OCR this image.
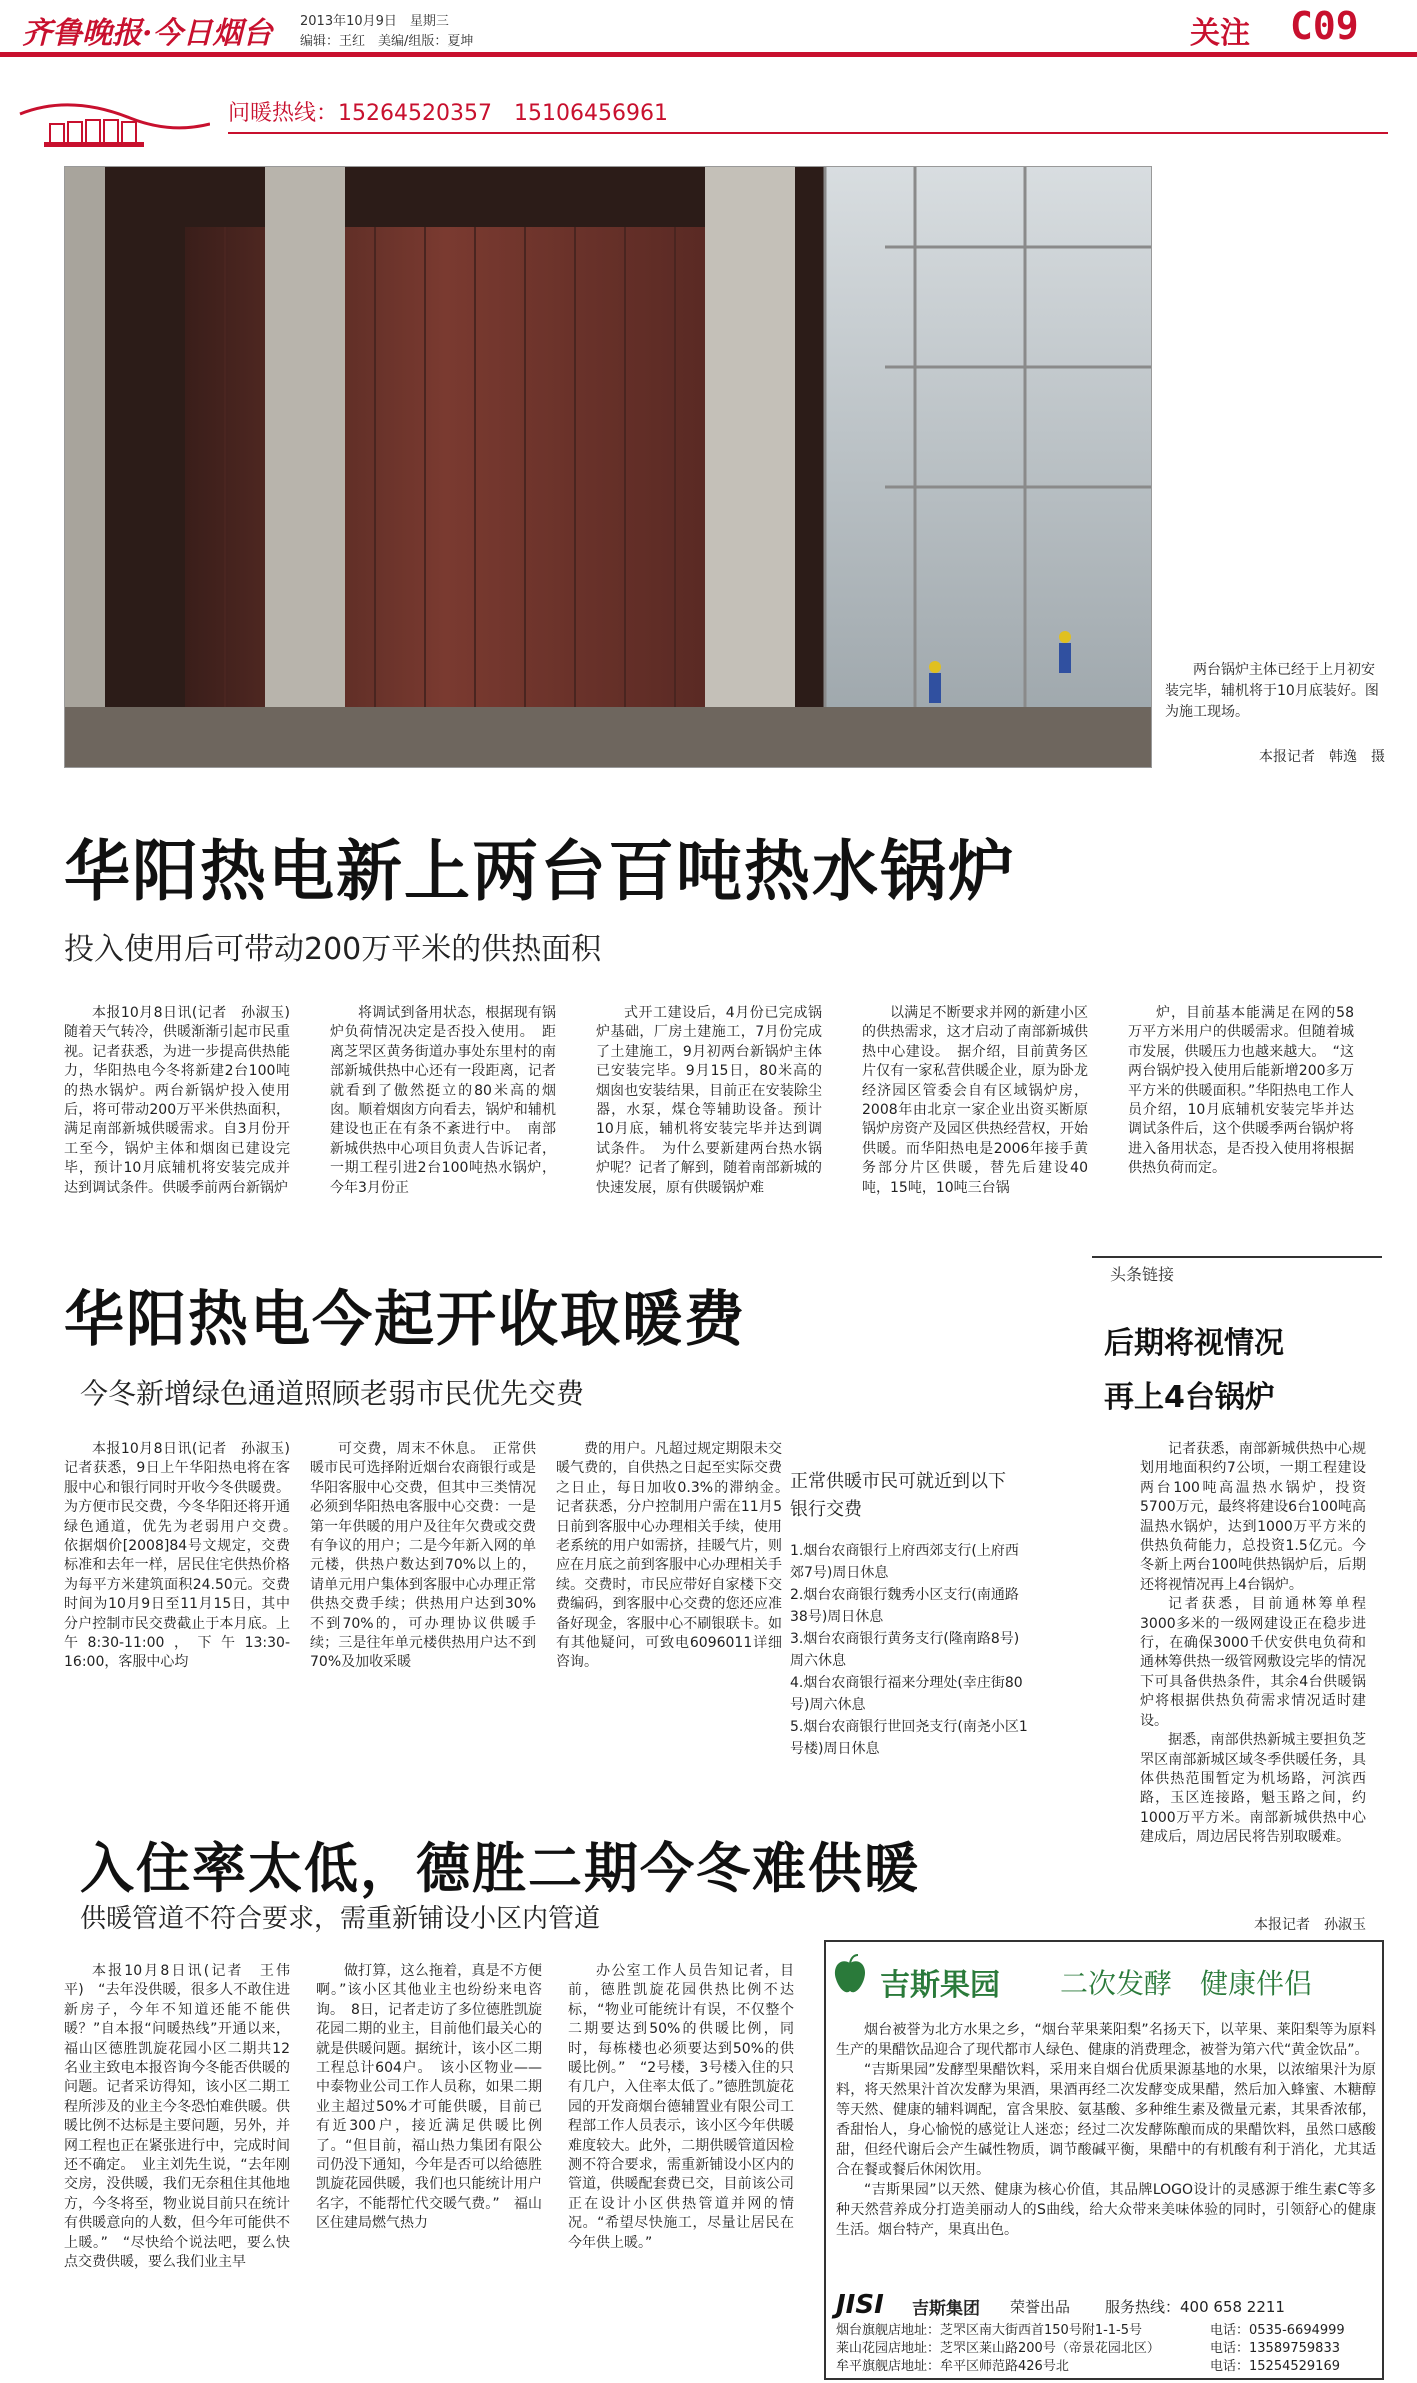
齐鲁晚报·今日烟台 2013年10月9日　星期三
编辑：王红　美编/组版：夏坤	关注 C09
问暖热线：15264520357　15106456961
两台锅炉主体已经于上月初安装完毕，辅机将于10月底装好。图为施工现场。
本报记者　韩逸　摄
华阳热电新上两台百吨热水锅炉
投入使用后可带动200万平米的供热面积

本报10月8日讯(记者　孙淑玉)　随着天气转冷，供暖渐渐引起市民重视。记者获悉，为进一步提高供热能力，华阳热电今冬将新建2台100吨的热水锅炉。两台新锅炉投入使用后，将可带动200万平米供热面积，满足南部新城供暖需求。自3月份开工至今，锅炉主体和烟囱已建设完毕，预计10月底辅机将安装完成并达到调试条件。供暖季前两台新锅炉

将调试到备用状态，根据现有锅炉负荷情况决定是否投入使用。　距离芝罘区黄务街道办事处东里村的南部新城供热中心还有一段距离，记者就看到了傲然挺立的80米高的烟囱。顺着烟囱方向看去，锅炉和辅机建设也正在有条不紊进行中。　南部新城供热中心项目负责人告诉记者，一期工程引进2台100吨热水锅炉，今年3月份正

式开工建设后，4月份已完成锅炉基础，厂房土建施工，7月份完成了土建施工，9月初两台新锅炉主体已安装完毕。9月15日，80米高的烟囱也安装结果，目前正在安装除尘器，水泵，煤仓等辅助设备。预计10月底，辅机将安装完毕并达到调试条件。　为什么要新建两台热水锅炉呢？记者了解到，随着南部新城的快速发展，原有供暖锅炉难

以满足不断要求并网的新建小区的供热需求，这才启动了南部新城供热中心建设。　据介绍，目前黄务区片仅有一家私营供暖企业，原为卧龙经济园区管委会自有区域锅炉房，2008年由北京一家企业出资买断原锅炉房资产及园区供热经营权，开始供暖。而华阳热电是2006年接手黄务部分片区供暖，替先后建设40吨，15吨，10吨三台锅

炉，目前基本能满足在网的58万平方米用户的供暖需求。但随着城市发展，供暖压力也越来越大。　“这两台锅炉投入使用后能新增200多万平方米的供暖面积。”华阳热电工作人员介绍，10月底辅机安装完毕并达调试条件后，这个供暖季两台锅炉将进入备用状态，是否投入使用将根据供热负荷而定。

华阳热电今起开收取暖费
今冬新增绿色通道照顾老弱市民优先交费

本报10月8日讯(记者　孙淑玉)　记者获悉，9日上午华阳热电将在客服中心和银行同时开收今冬供暖费。为方便市民交费，今冬华阳还将开通绿色通道，优先为老弱用户交费。　依据烟价[2008]84号文规定，交费标准和去年一样，居民住宅供热价格为每平方米建筑面积24.50元。交费时间为10月9日至11月15日，其中分户控制市民交费截止于本月底。上午8:30-11:00，下午13:30-16:00，客服中心均

可交费，周末不休息。　正常供暖市民可选择附近烟台农商银行或是华阳客服中心交费，但其中三类情况必须到华阳热电客服中心交费：一是第一年供暖的用户及往年欠费或交费有争议的用户；二是今年新入网的单元楼，供热户数达到70%以上的，请单元用户集体到客服中心办理正常供热交费手续；供热用户达到30%不到70%的，可办理协议供暖手续；三是往年单元楼供热用户达不到70%及加收采暖

费的用户。凡超过规定期限未交暖气费的，自供热之日起至实际交费之日止，每日加收0.3%的滞纳金。　记者获悉，分户控制用户需在11月5日前到客服中心办理相关手续，使用老系统的用户如需挤，挂暖气片，则应在月底之前到客服中心办理相关手续。交费时，市民应带好自家楼下交费编码，到客服中心交费的您还应准备好现金，客服中心不刷银联卡。如有其他疑问，可致电6096011详细咨询。

正常供暖市民可就近到以下银行交费
1.烟台农商银行上府西郊支行(上府西郊7号)周日休息
2.烟台农商银行魏秀小区支行(南通路38号)周日休息
3.烟台农商银行黄务支行(隆南路8号)周六休息
4.烟台农商银行福来分理处(幸庄街80号)周六休息
5.烟台农商银行世回尧支行(南尧小区1号楼)周日休息
头条链接
后期将视情况
再上4台锅炉

记者获悉，南部新城供热中心规划用地面积约7公顷，一期工程建设两台100吨高温热水锅炉，投资5700万元，最终将建设6台100吨高温热水锅炉，达到1000万平方米的供热负荷能力，总投资1.5亿元。今冬新上两台100吨供热锅炉后，后期还将视情况再上4台锅炉。

记者获悉，目前通林筹单程3000多米的一级网建设正在稳步进行，在确保3000千伏安供电负荷和通林筹供热一级管网敷设完毕的情况下可具备供热条件，其余4台供暖锅炉将根据供热负荷需求情况适时建设。

据悉，南部供热新城主要担负芝罘区南部新城区域冬季供暖任务，具体供热范围暂定为机场路，河滨西路，玉区连接路，魁玉路之间，约1000万平方米。南部新城供热中心建成后，周边居民将告别取暖难。

本报记者　孙淑玉
入住率太低，德胜二期今冬难供暖
供暖管道不符合要求，需重新铺设小区内管道

本报10月8日讯(记者　王伟平)　“去年没供暖，很多人不敢住进新房子，今年不知道还能不能供暖？”自本报“问暖热线”开通以来，福山区德胜凯旋花园小区二期共12名业主致电本报咨询今冬能否供暖的问题。记者采访得知，该小区二期工程所涉及的业主今冬恐怕难供暖。供暖比例不达标是主要问题，另外，并网工程也正在紧张进行中，完成时间还不确定。　业主刘先生说，“去年刚交房，没供暖，我们无奈租住其他地方，今冬将至，物业说目前只在统计有供暖意向的人数，但今年可能供不上暖。”　“尽快给个说法吧，要么快点交费供暖，要么我们业主早

做打算，这么拖着，真是不方便啊。”该小区其他业主也纷纷来电咨询。　8日，记者走访了多位德胜凯旋花园二期的业主，目前他们最关心的就是供暖问题。据统计，该小区二期工程总计604户。　该小区物业——中泰物业公司工作人员称，如果二期业主超过50%才可能供暖，目前已有近300户，接近满足供暖比例了。“但目前，福山热力集团有限公司仍没下通知，今年是否可以给德胜凯旋花园供暖，我们也只能统计用户名字，不能帮忙代交暖气费。”　福山区住建局燃气热力

办公室工作人员告知记者，目前，德胜凯旋花园供热比例不达标，“物业可能统计有误，不仅整个二期要达到50%的供暖比例，同时，每栋楼也必须要达到50%的供暖比例。”　“2号楼，3号楼入住的只有几户，入住率太低了。”德胜凯旋花园的开发商烟台德辅置业有限公司工程部工作人员表示，该小区今年供暖难度较大。此外，二期供暖管道因检测不符合要求，需重新铺设小区内的管道，供暖配套费已交，目前该公司正在设计小区供热管道并网的情况。“希望尽快施工，尽量让居民在今年供上暖。”

吉斯果园 二次发酵　健康伴侣

烟台被誉为北方水果之乡，“烟台苹果莱阳梨”名扬天下，以苹果、莱阳梨等为原料生产的果醋饮品迎合了现代都市人绿色、健康的消费理念，被誉为第六代“黄金饮品”。

“吉斯果园”发酵型果醋饮料，采用来自烟台优质果源基地的水果，以浓缩果汁为原料，将天然果汁首次发酵为果酒，果酒再经二次发酵变成果醋，然后加入蜂蜜、木糖醇等天然、健康的辅料调配，富含果胶、氨基酸、多种维生素及微量元素，其果香浓郁，香甜怡人，身心愉悦的感觉让人迷恋；经过二次发酵陈酿而成的果醋饮料，虽然口感酸甜，但经代谢后会产生碱性物质，调节酸碱平衡，果醋中的有机酸有利于消化，尤其适合在餐或餐后休闲饮用。

“吉斯果园”以天然、健康为核心价值，其品牌LOGO设计的灵感源于维生素C等多种天然营养成分打造美丽动人的S曲线，给大众带来美味体验的同时，引领舒心的健康生活。烟台特产，果真出色。

JISI 吉斯集团 荣誉出品 服务热线：400 658 2211
烟台旗舰店地址：芝罘区南大街西首150号附1-1-5号
莱山花园店地址：芝罘区莱山路200号（帝景花园北区）
牟平旗舰店地址：牟平区师范路426号北
电话：0535-6694999
电话：13589759833
电话：15254529169
